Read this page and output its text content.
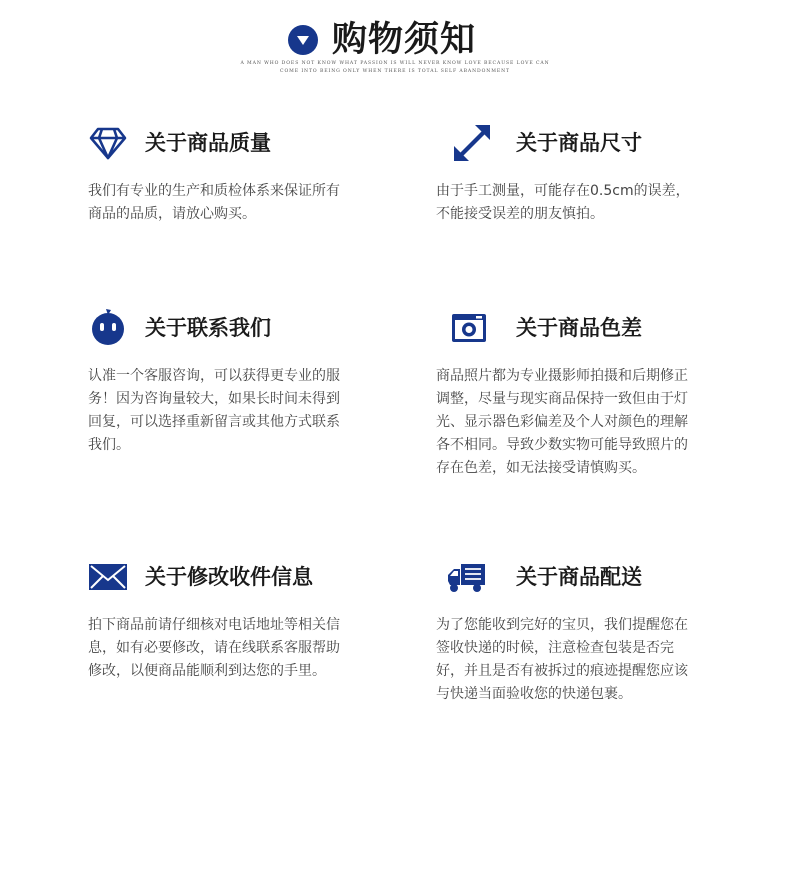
购物须知
A MAN WHO DOES NOT KNOW WHAT PASSION IS WILL NEVER KNOW LOVE BECAUSE LOVE CAN
COME INTO BEING ONLY WHEN THERE IS TOTAL SELF ABANDONMENT
关于商品质量
我们有专业的生产和质检体系来保证所有商品的品质，请放心购买。
关于商品尺寸
由于手工测量，可能存在0.5cm的误差，不能接受误差的朋友慎拍。
关于联系我们
认准一个客服咨询，可以获得更专业的服务！因为咨询量较大，如果长时间未得到回复，可以选择重新留言或其他方式联系我们。
关于商品色差
商品照片都为专业摄影师拍摄和后期修正调整，尽量与现实商品保持一致但由于灯光、显示器色彩偏差及个人对颜色的理解各不相同。导致少数实物可能导致照片的存在色差，如无法接受请慎购买。
关于修改收件信息
拍下商品前请仔细核对电话地址等相关信息，如有必要修改，请在线联系客服帮助修改，以便商品能顺利到达您的手里。
关于商品配送
为了您能收到完好的宝贝，我们提醒您在签收快递的时候，注意检查包装是否完好，并且是否有被拆过的痕迹提醒您应该与快递当面验收您的快递包裹。
